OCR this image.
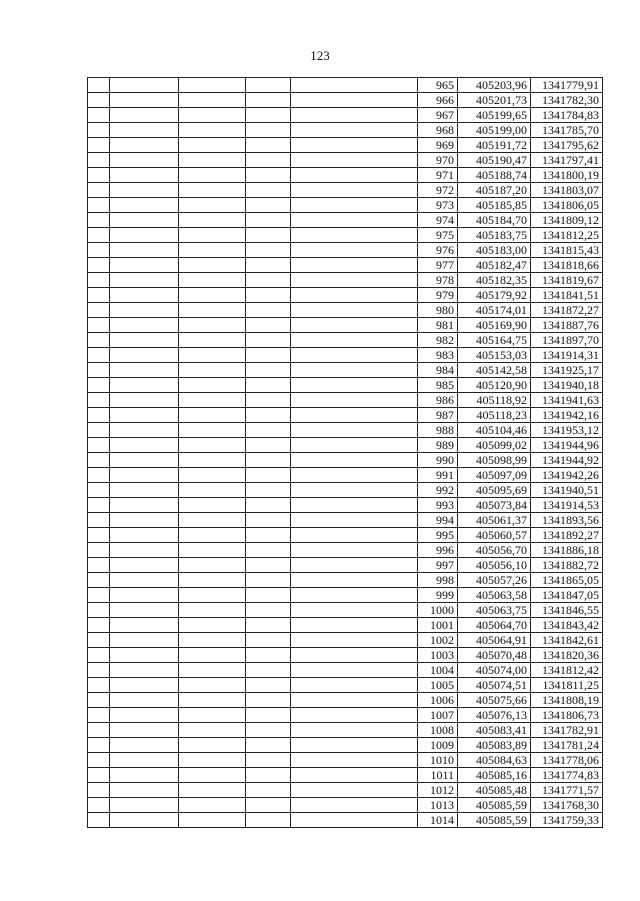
123
					965	405203,96	1341779,91
					966	405201,73	1341782,30
					967	405199,65	1341784,83
					968	405199,00	1341785,70
					969	405191,72	1341795,62
					970	405190,47	1341797,41
					971	405188,74	1341800,19
					972	405187,20	1341803,07
					973	405185,85	1341806,05
					974	405184,70	1341809,12
					975	405183,75	1341812,25
					976	405183,00	1341815,43
					977	405182,47	1341818,66
					978	405182,35	1341819,67
					979	405179,92	1341841,51
					980	405174,01	1341872,27
					981	405169,90	1341887,76
					982	405164,75	1341897,70
					983	405153,03	1341914,31
					984	405142,58	1341925,17
					985	405120,90	1341940,18
					986	405118,92	1341941,63
					987	405118,23	1341942,16
					988	405104,46	1341953,12
					989	405099,02	1341944,96
					990	405098,99	1341944,92
					991	405097,09	1341942,26
					992	405095,69	1341940,51
					993	405073,84	1341914,53
					994	405061,37	1341893,56
					995	405060,57	1341892,27
					996	405056,70	1341886,18
					997	405056,10	1341882,72
					998	405057,26	1341865,05
					999	405063,58	1341847,05
					1000	405063,75	1341846,55
					1001	405064,70	1341843,42
					1002	405064,91	1341842,61
					1003	405070,48	1341820,36
					1004	405074,00	1341812,42
					1005	405074,51	1341811,25
					1006	405075,66	1341808,19
					1007	405076,13	1341806,73
					1008	405083,41	1341782,91
					1009	405083,89	1341781,24
					1010	405084,63	1341778,06
					1011	405085,16	1341774,83
					1012	405085,48	1341771,57
					1013	405085,59	1341768,30
					1014	405085,59	1341759,33
